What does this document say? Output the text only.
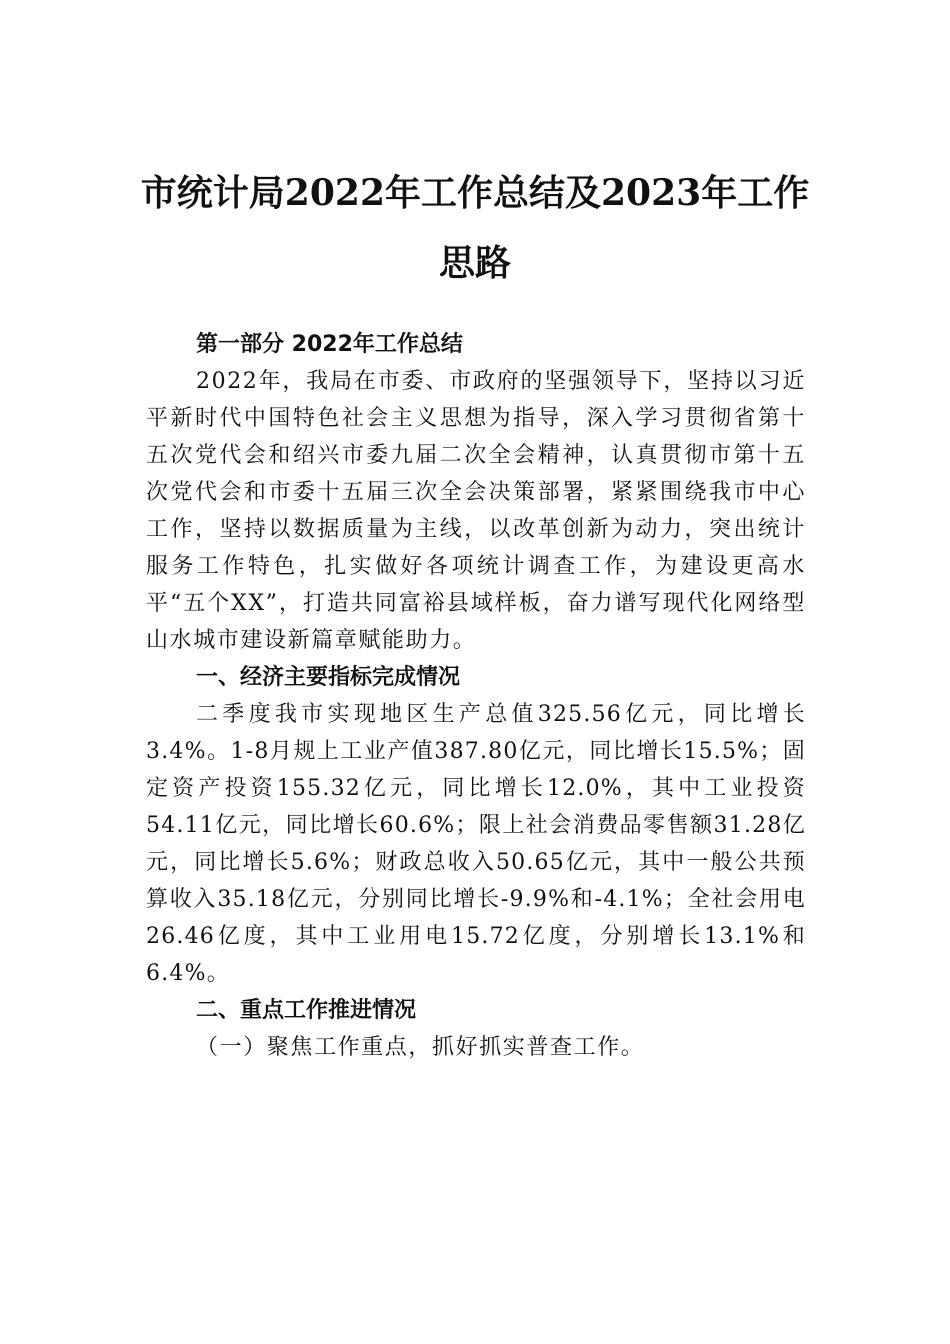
市统计局2022年工作总结及2023年工作思路
第一部分 2022年工作总结

2022年，我局在市委、市政府的坚强领导下，坚持以习近平新时代中国特色社会主义思想为指导，深入学习贯彻省第十五次党代会和绍兴市委九届二次全会精神，认真贯彻市第十五次党代会和市委十五届三次全会决策部署，紧紧围绕我市中心工作，坚持以数据质量为主线，以改革创新为动力，突出统计服务工作特色，扎实做好各项统计调查工作，为建设更高水平“五个XX”，打造共同富裕县域样板，奋力谱写现代化网络型山水城市建设新篇章赋能助力。

一、经济主要指标完成情况

二季度我市实现地区生产总值325.56亿元，同比增长3.4%。1-8月规上工业产值387.80亿元，同比增长15.5%；固定资产投资155.32亿元，同比增长12.0%，其中工业投资54.11亿元，同比增长60.6%；限上社会消费品零售额31.28亿元，同比增长5.6%；财政总收入50.65亿元，其中一般公共预算收入35.18亿元，分别同比增长-9.9%和-4.1%；全社会用电26.46亿度，其中工业用电15.72亿度，分别增长13.1%和6.4%。

二、重点工作推进情况

（一）聚焦工作重点，抓好抓实普查工作。
